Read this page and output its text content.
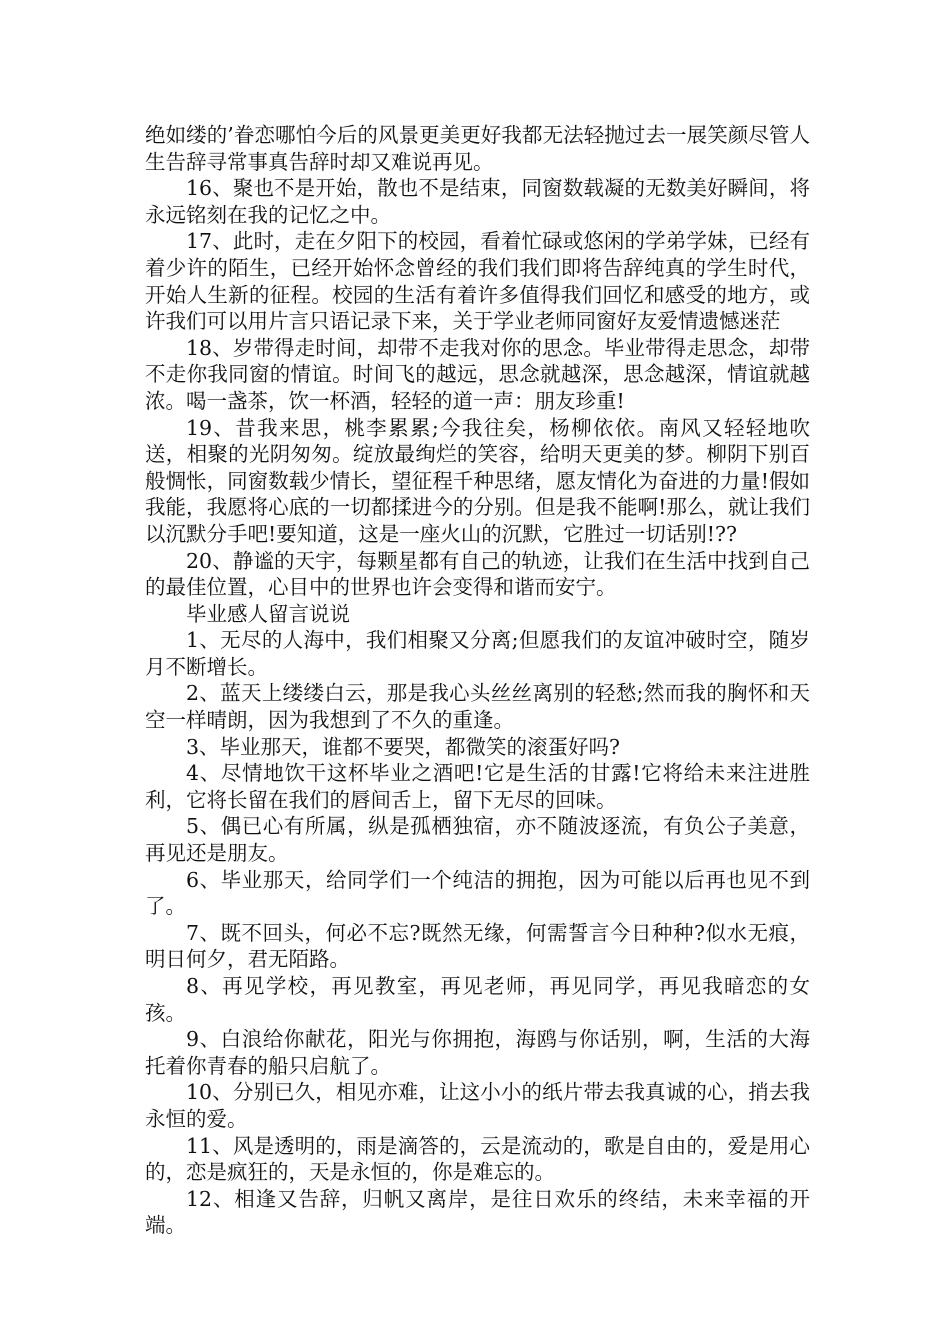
绝如缕的’眷恋哪怕今后的风景更美更好我都无法轻抛过去一展笑颜尽管人生告辞寻常事真告辞时却又难说再见。

16、聚也不是开始，散也不是结束，同窗数载凝的无数美好瞬间，将永远铭刻在我的记忆之中。

17、此时，走在夕阳下的校园，看着忙碌或悠闲的学弟学妹，已经有着少许的陌生，已经开始怀念曾经的我们我们即将告辞纯真的学生时代，开始人生新的征程。校园的生活有着许多值得我们回忆和感受的地方，或许我们可以用片言只语记录下来，关于学业老师同窗好友爱情遗憾迷茫

18、岁带得走时间，却带不走我对你的思念。毕业带得走思念，却带不走你我同窗的情谊。时间飞的越远，思念就越深，思念越深，情谊就越浓。喝一盏茶，饮一杯酒，轻轻的道一声：朋友珍重!

19、昔我来思，桃李累累;今我往矣，杨柳依依。南风又轻轻地吹送，相聚的光阴匆匆。绽放最绚烂的笑容，给明天更美的梦。柳阴下别百般惆怅，同窗数载少情长，望征程千种思绪，愿友情化为奋进的力量!假如我能，我愿将心底的一切都揉进今的分别。但是我不能啊!那么，就让我们以沉默分手吧!要知道，这是一座火山的沉默，它胜过一切话别!??

20、静谧的天宇，每颗星都有自己的轨迹，让我们在生活中找到自己的最佳位置，心目中的世界也许会变得和谐而安宁。

毕业感人留言说说

1、无尽的人海中，我们相聚又分离;但愿我们的友谊冲破时空，随岁月不断增长。

2、蓝天上缕缕白云，那是我心头丝丝离别的轻愁;然而我的胸怀和天空一样晴朗，因为我想到了不久的重逢。

3、毕业那天，谁都不要哭，都微笑的滚蛋好吗?

4、尽情地饮干这杯毕业之酒吧!它是生活的甘露!它将给未来注进胜利，它将长留在我们的唇间舌上，留下无尽的回味。

5、偶已心有所属，纵是孤栖独宿，亦不随波逐流，有负公子美意，再见还是朋友。

6、毕业那天，给同学们一个纯洁的拥抱，因为可能以后再也见不到了。

7、既不回头，何必不忘?既然无缘，何需誓言今日种种?似水无痕，明日何夕，君无陌路。

8、再见学校，再见教室，再见老师，再见同学，再见我暗恋的女孩。

9、白浪给你献花，阳光与你拥抱，海鸥与你话别，啊，生活的大海托着你青春的船只启航了。

10、分别已久，相见亦难，让这小小的纸片带去我真诚的心，捎去我永恒的爱。

11、风是透明的，雨是滴答的，云是流动的，歌是自由的，爱是用心的，恋是疯狂的，天是永恒的，你是难忘的。

12、相逢又告辞，归帆又离岸，是往日欢乐的终结，未来幸福的开端。
